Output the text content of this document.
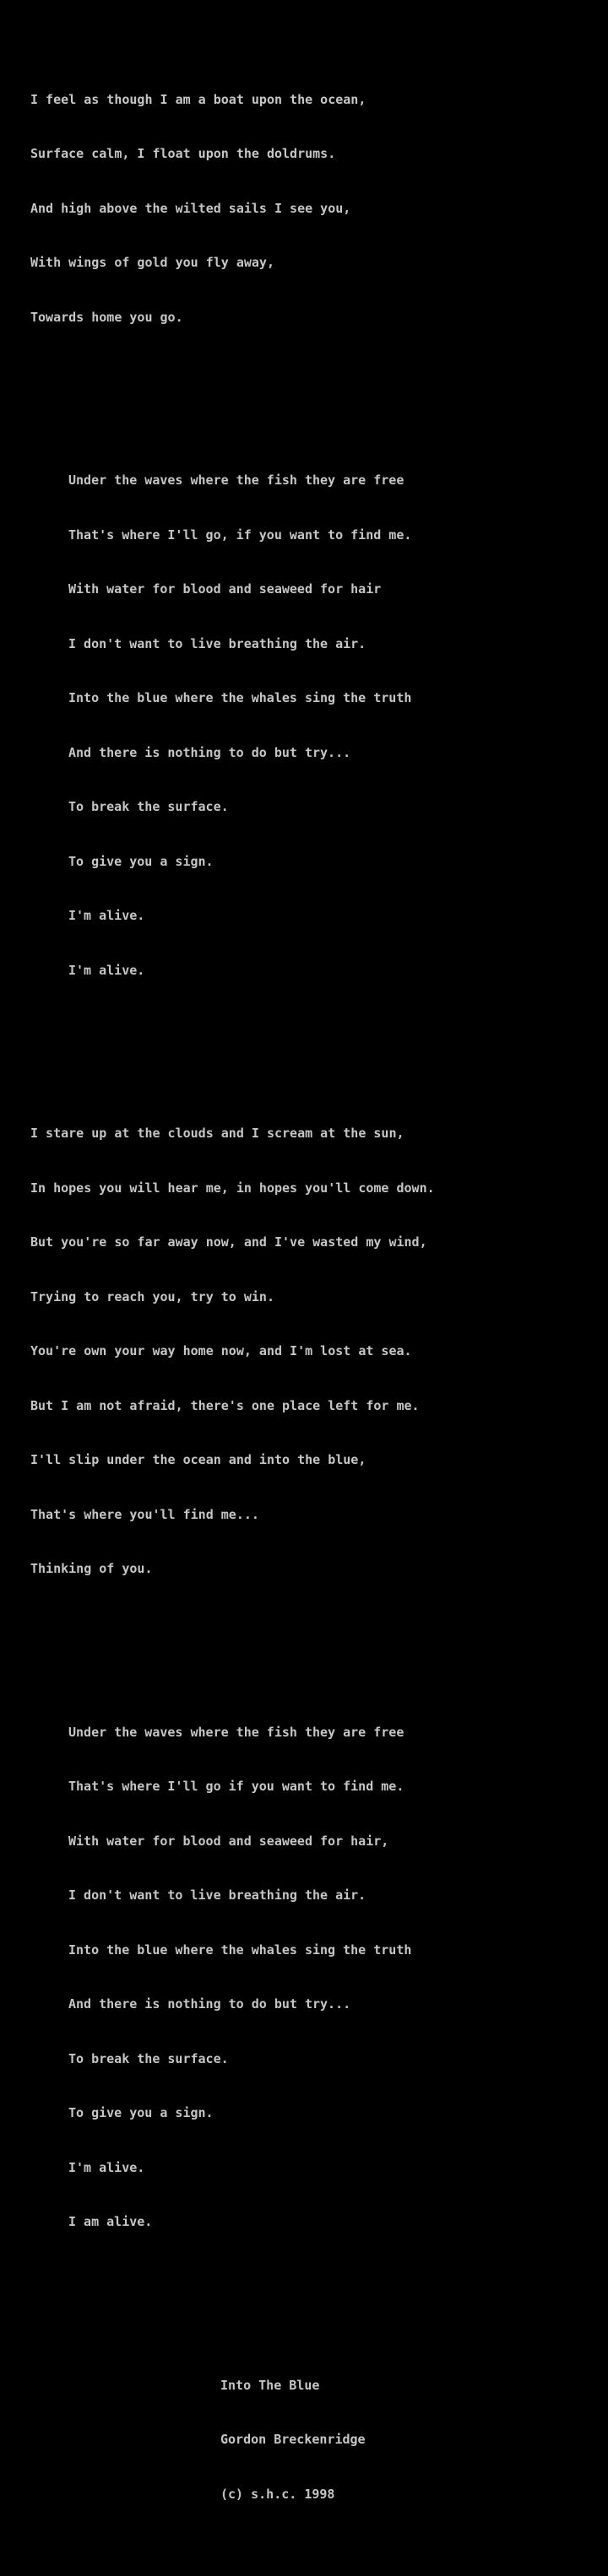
I feel as though I am a boat upon the ocean,

Surface calm, I float upon the doldrums.

And high above the wilted sails I see you,

With wings of gold you fly away,

Towards home you go.

Under the waves where the fish they are free

That's where I'll go, if you want to find me.

With water for blood and seaweed for hair

I don't want to live breathing the air.

Into the blue where the whales sing the truth

And there is nothing to do but try...

To break the surface.

To give you a sign.

I'm alive.

I'm alive.

I stare up at the clouds and I scream at the sun,

In hopes you will hear me, in hopes you'll come down.

But you're so far away now, and I've wasted my wind,

Trying to reach you, try to win.

You're own your way home now, and I'm lost at sea.

But I am not afraid, there's one place left for me.

I'll slip under the ocean and into the blue,

That's where you'll find me...

Thinking of you.

Under the waves where the fish they are free

That's where I'll go if you want to find me.

With water for blood and seaweed for hair,

I don't want to live breathing the air.

Into the blue where the whales sing the truth

And there is nothing to do but try...

To break the surface.

To give you a sign.

I'm alive.

I am alive.

Into The Blue

Gordon Breckenridge

(c) s.h.c. 1998
